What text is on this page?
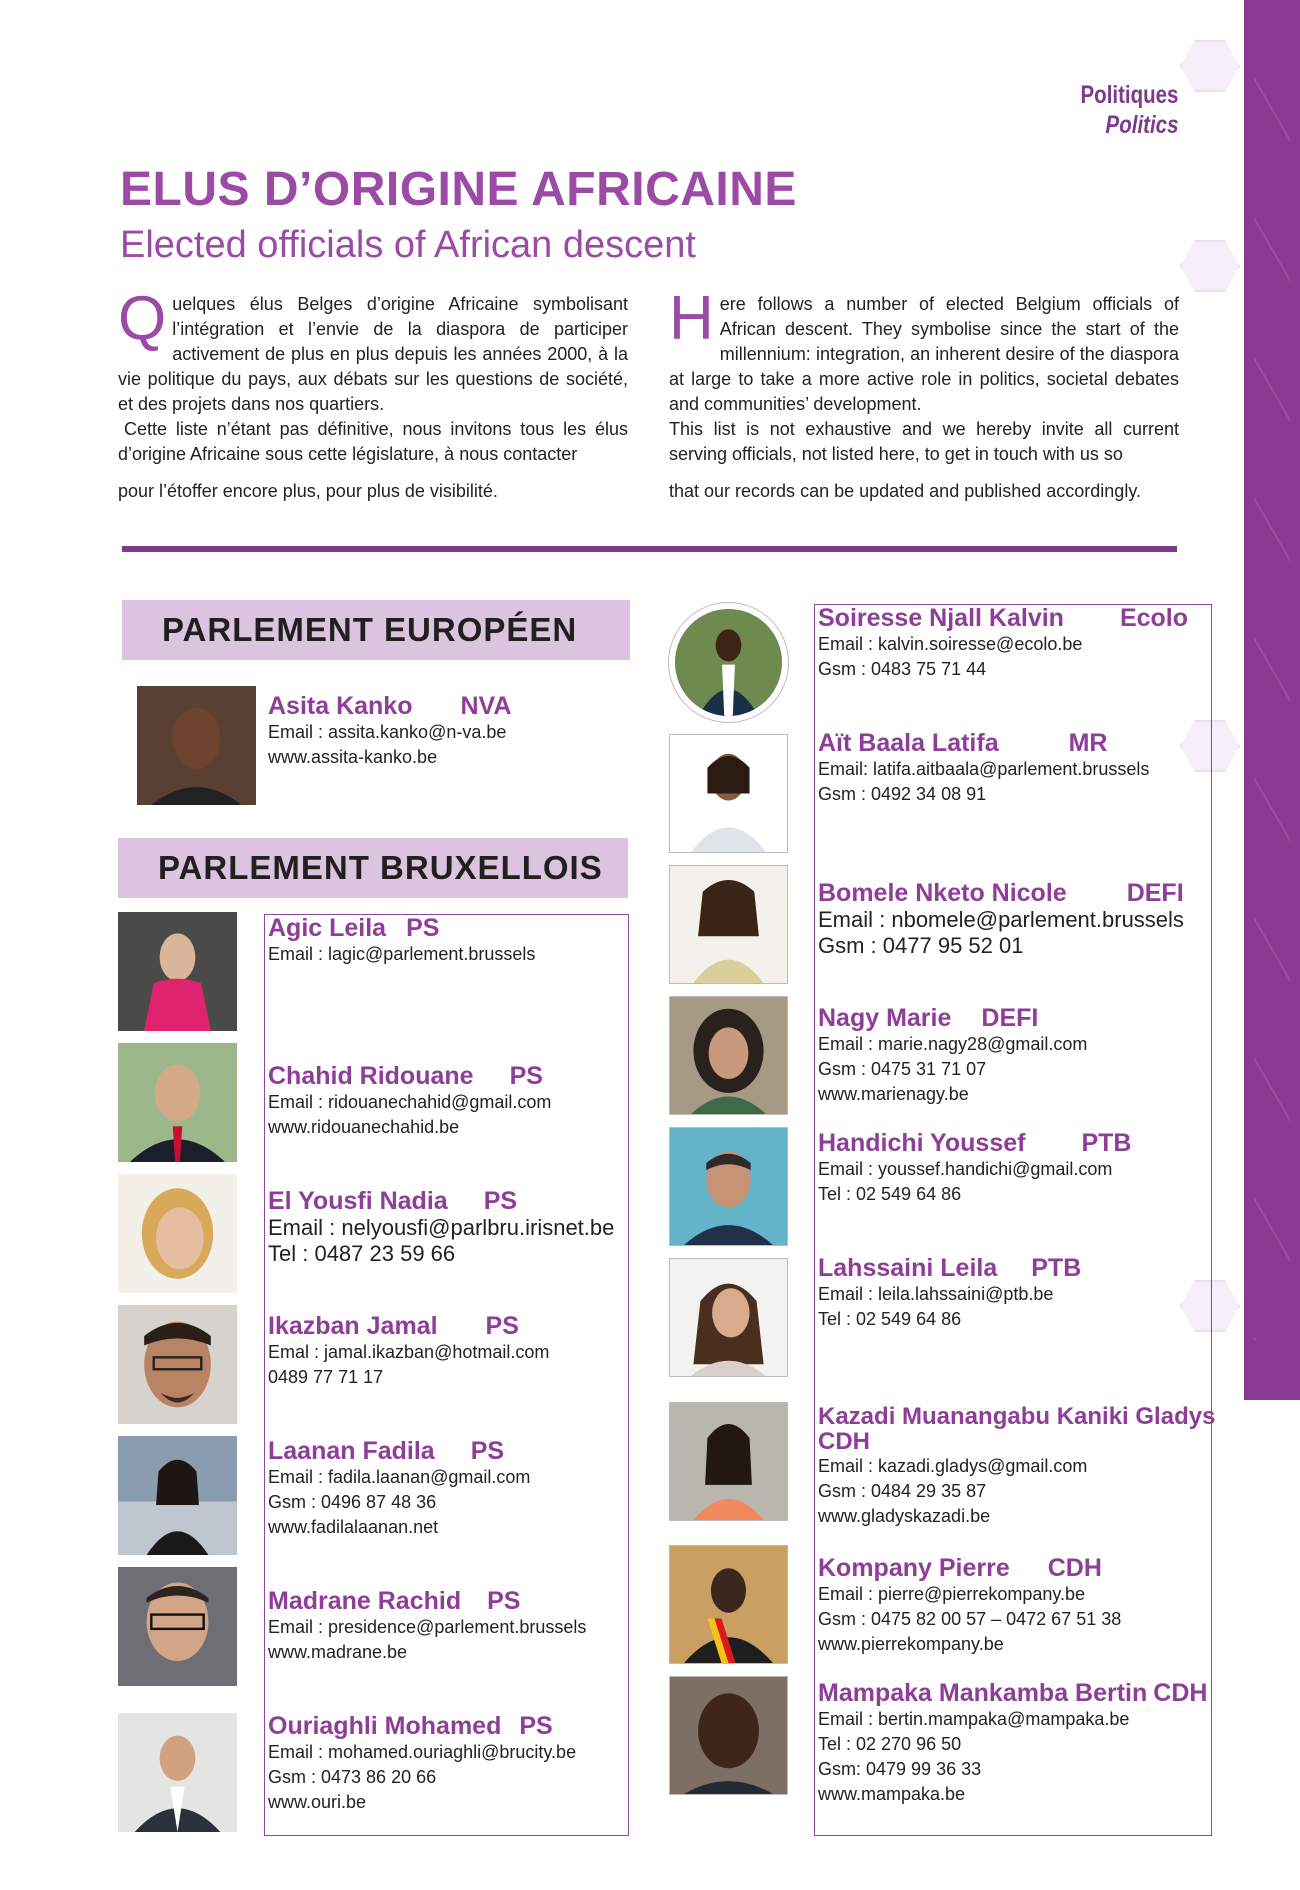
Politiques
Politics
ELUS D’ORIGINE AFRICAINE
Elected officials of African descent
Q uelques élus Belges d’origine Africaine symbolisant l’intégration et l’envie de la diaspora de participer activement de plus en plus depuis les années 2000, à la vie politique du pays, aux débats sur les questions de société, et des projets dans nos quartiers.

Cette liste n’étant pas définitive, nous invitons tous les élus d’origine Africaine sous cette législature, à nous contacter

pour l’étoffer encore plus, pour plus de visibilité.

H ere follows a number of elected Belgium officials of African descent. They symbolise since the start of the millennium: integration, an inherent desire of the diaspora at large to take a more active role in politics, societal debates and communities’ development.

This list is not exhaustive and we hereby invite all current serving officials, not listed here, to get in touch with us so

that our records can be updated and published accordingly.

PARLEMENT EUROPÉEN
PARLEMENT BRUXELLOIS
Asita Kanko NVA
Email : assita.kanko@n-va.be
www.assita-kanko.be
Agic Leila PS
Email : lagic@parlement.brussels
Chahid Ridouane PS
Email : ridouanechahid@gmail.com
www.ridouanechahid.be
El Yousfi Nadia PS
Email : nelyousfi@parlbru.irisnet.be
Tel : 0487 23 59 66
Ikazban Jamal PS
Emal : jamal.ikazban@hotmail.com
0489 77 71 17
Laanan Fadila PS
Email : fadila.laanan@gmail.com
Gsm : 0496 87 48 36
www.fadilalaanan.net
Madrane Rachid PS
Email : presidence@parlement.brussels
www.madrane.be
Ouriaghli Mohamed PS
Email : mohamed.ouriaghli@brucity.be
Gsm : 0473 86 20 66
www.ouri.be
Soiresse Njall Kalvin Ecolo
Email : kalvin.soiresse@ecolo.be
Gsm : 0483 75 71 44
Aït Baala Latifa	MR
Email: latifa.aitbaala@parlement.brussels
Gsm : 0492 34 08 91
Bomele Nketo Nicole DEFI
Email : nbomele@parlement.brussels
Gsm : 0477 95 52 01
Nagy Marie DEFI
Email : marie.nagy28@gmail.com
Gsm : 0475 31 71 07
www.marienagy.be
Handichi Youssef PTB
Email : youssef.handichi@gmail.com
Tel : 02 549 64 86
Lahssaini Leila PTB
Email : leila.lahssaini@ptb.be
Tel : 02 549 64 86
Kazadi Muanangabu Kaniki Gladys
CDH
Email : kazadi.gladys@gmail.com
Gsm : 0484 29 35 87
www.gladyskazadi.be
Kompany Pierre CDH
Email : pierre@pierrekompany.be
Gsm : 0475 82 00 57 – 0472 67 51 38
www.pierrekompany.be
Mampaka Mankamba Bertin CDH
Email : bertin.mampaka@mampaka.be
Tel : 02 270 96 50
Gsm: 0479 99 36 33
www.mampaka.be
